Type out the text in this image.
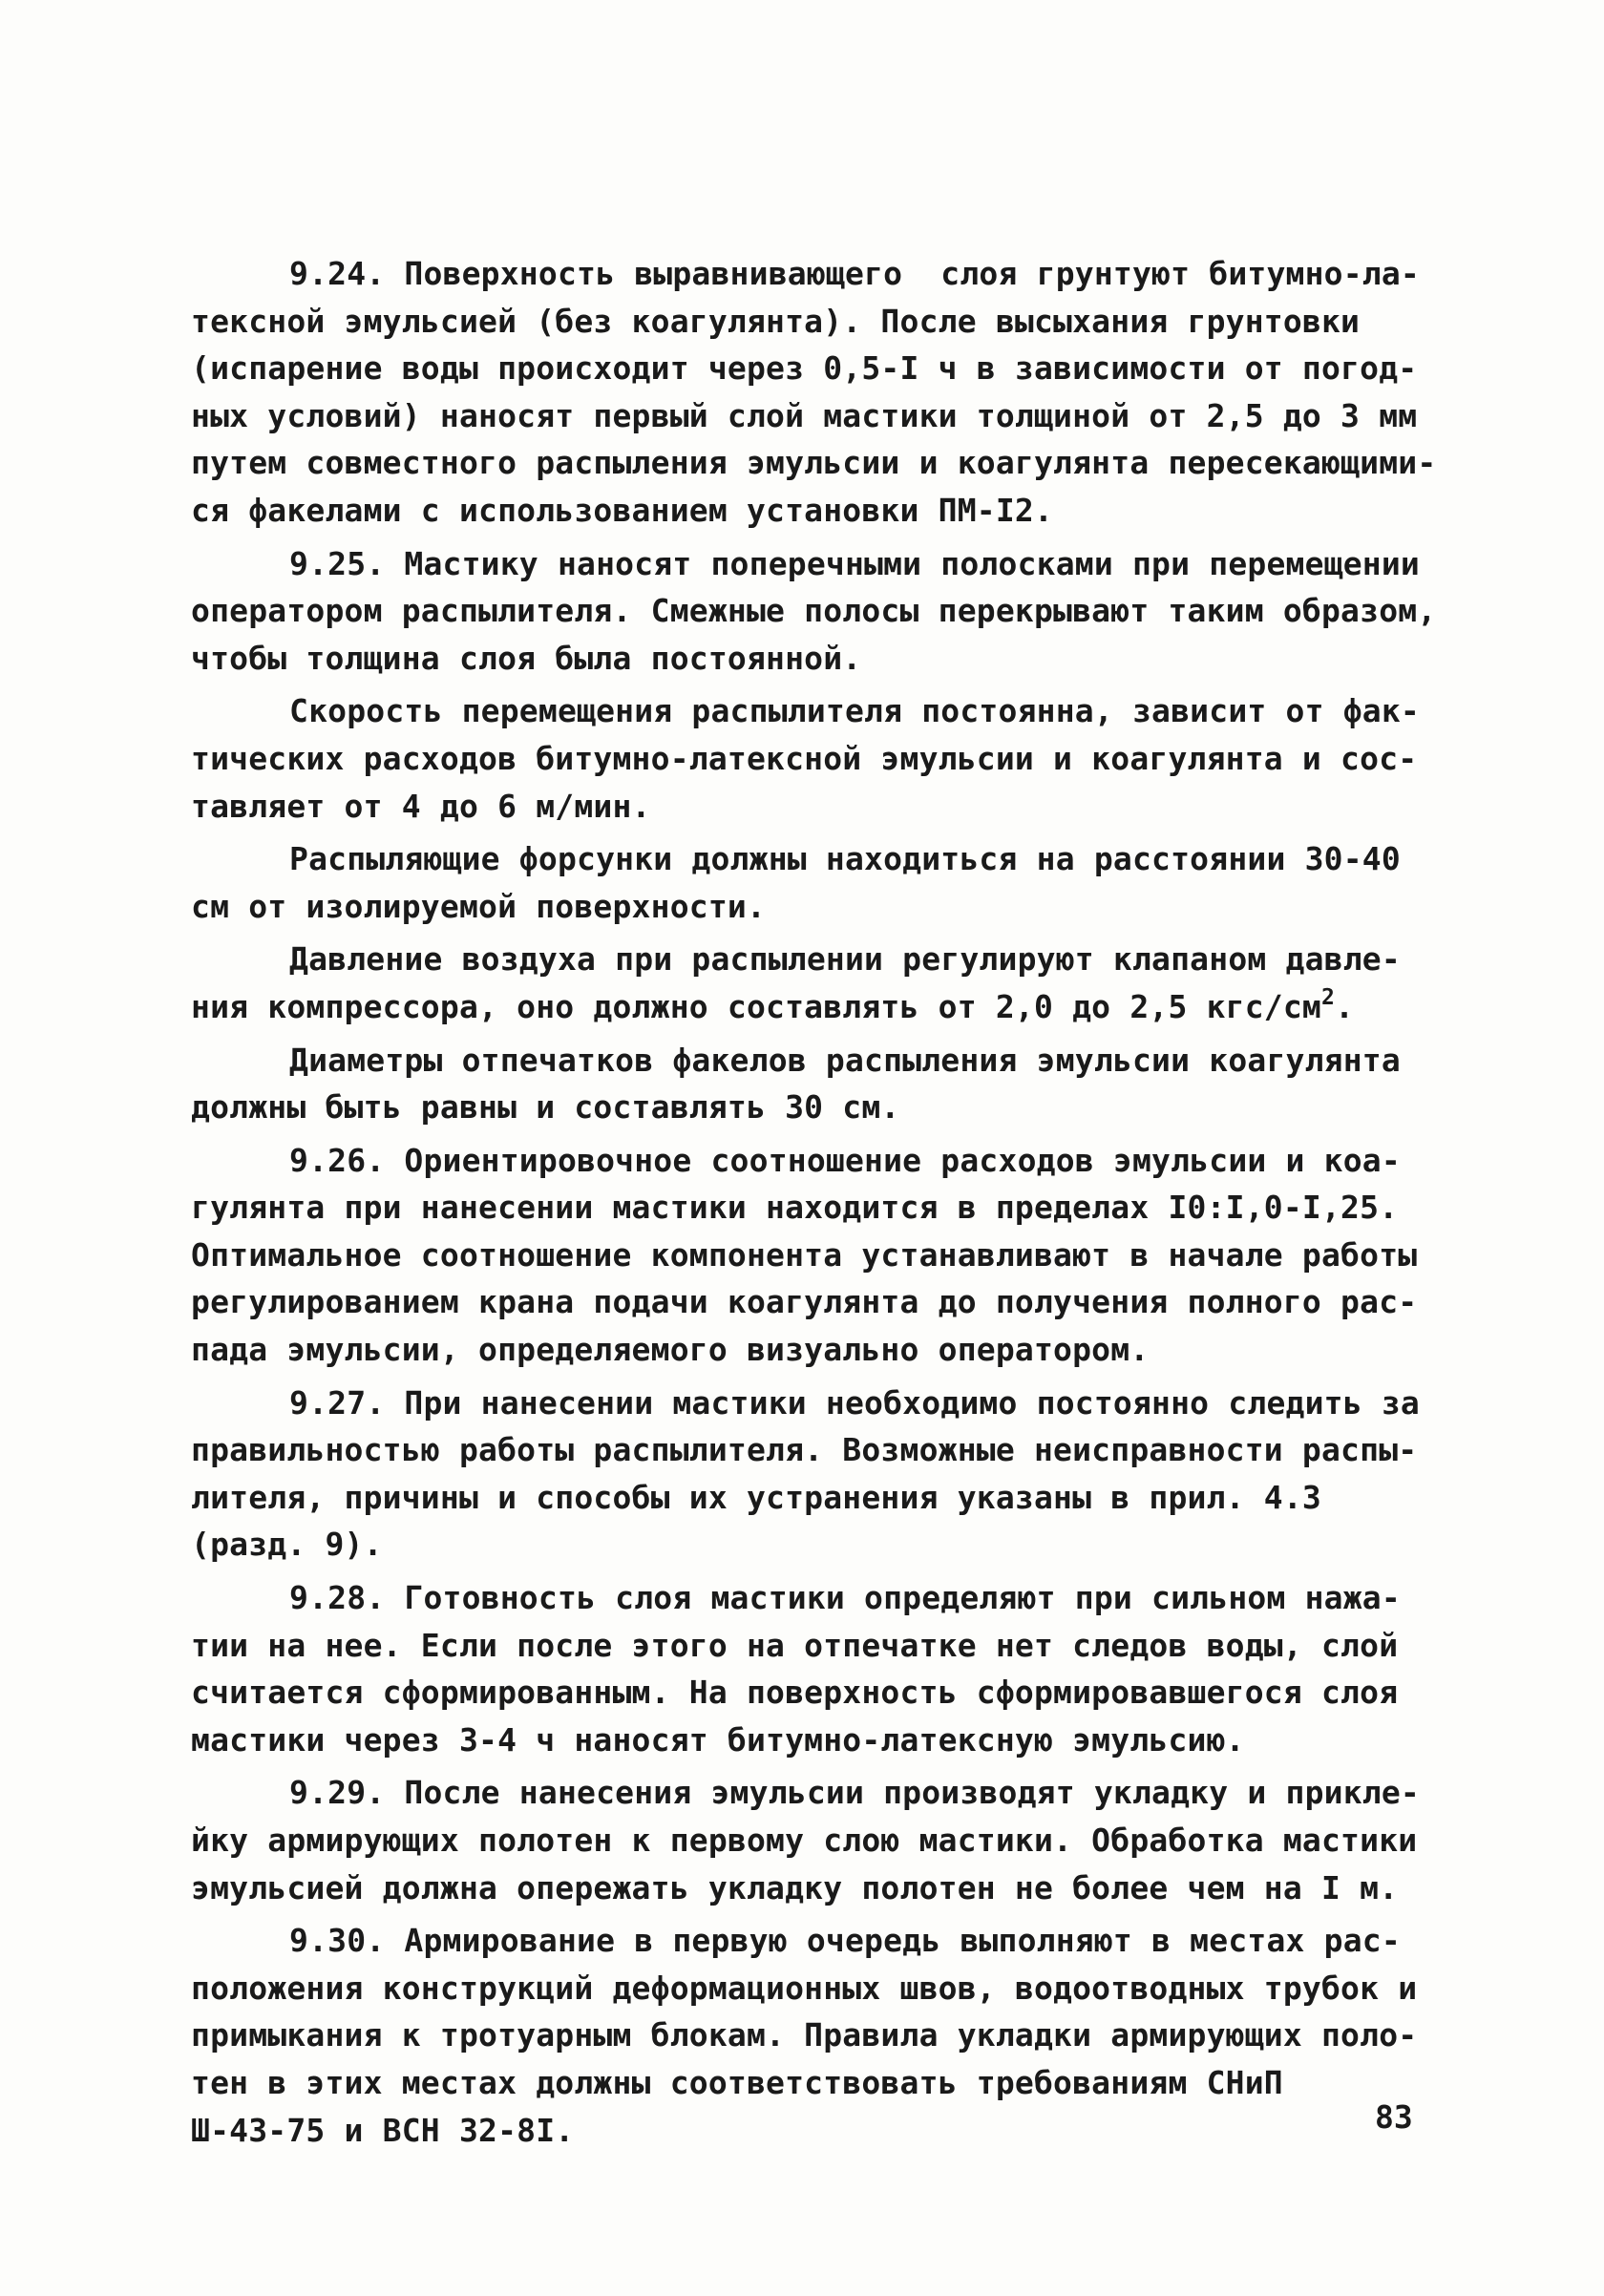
9.24. Поверхность выравнивающего  слоя грунтуют битумно-ла-
тексной эмульсией (без коагулянта). После высыхания грунтовки
(испарение воды происходит через 0,5-I ч в зависимости от погод-
ных условий) наносят первый слой мастики толщиной от 2,5 до 3 мм
путем совместного распыления эмульсии и коагулянта пересекающими-
ся факелами с использованием установки ПМ-I2.
9.25. Мастику наносят поперечными полосками при перемещении
оператором распылителя. Смежные полосы перекрывают таким образом,
чтобы толщина слоя была постоянной.
Скорость перемещения распылителя постоянна, зависит от фак-
тических расходов битумно-латексной эмульсии и коагулянта и сос-
тавляет от 4 до 6 м/мин.
Распыляющие форсунки должны находиться на расстоянии 30-40
см от изолируемой поверхности.
Давление воздуха при распылении регулируют клапаном давле-
ния компрессора, оно должно составлять от 2,0 до 2,5 кгс/$см^2$.
Диаметры отпечатков факелов распыления эмульсии коагулянта
должны быть равны и составлять 30 см.
9.26. Ориентировочное соотношение расходов эмульсии и коа-
гулянта при нанесении мастики находится в пределах I0:I,0-I,25.
Оптимальное соотношение компонента устанавливают в начале работы
регулированием крана подачи коагулянта до получения полного рас-
пада эмульсии, определяемого визуально оператором.
9.27. При нанесении мастики необходимо постоянно следить за
правильностью работы распылителя. Возможные неисправности распы-
лителя, причины и способы их устранения указаны в прил. 4.3
(разд. 9).
9.28. Готовность слоя мастики определяют при сильном нажа-
тии на нее. Если после этого на отпечатке нет следов воды, слой
считается сформированным. На поверхность сформировавшегося слоя
мастики через 3-4 ч наносят битумно-латексную эмульсию.
9.29. После нанесения эмульсии производят укладку и прикле-
йку армирующих полотен к первому слою мастики. Обработка мастики
эмульсией должна опережать укладку полотен не более чем на I м.
9.30. Армирование в первую очередь выполняют в местах рас-
положения конструкций деформационных швов, водоотводных трубок и
примыкания к тротуарным блокам. Правила укладки армирующих поло-
тен в этих местах должны соответствовать требованиям СНиП
Ш-43-75 и ВСН 32-8I.	83
